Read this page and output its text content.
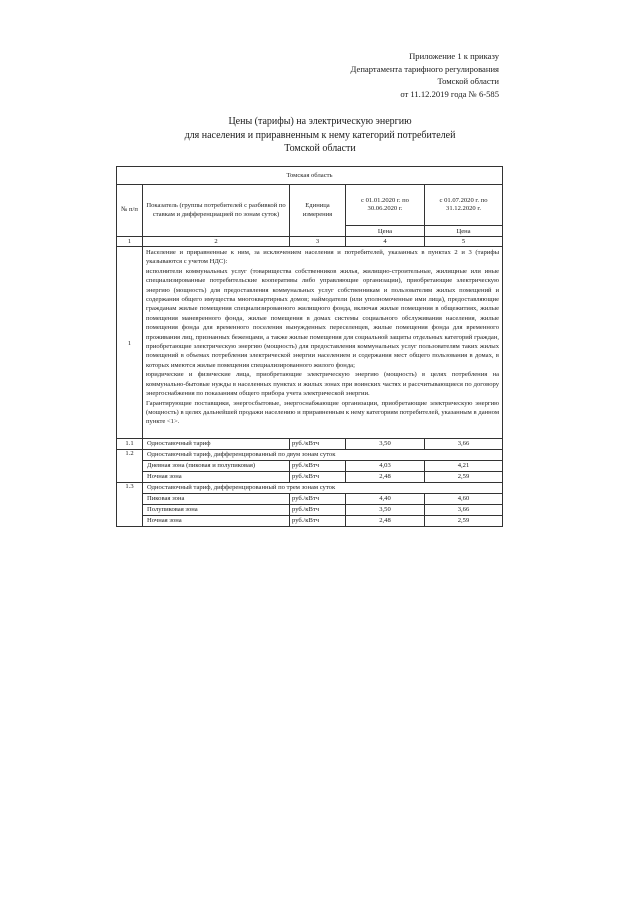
Приложение 1 к приказу
Департамента тарифного регулирования
Томской области
от 11.12.2019 года № 6-585
Цены (тарифы) на электрическую энергию
для населения и приравненным к нему категорий потребителей
Томской области
Томская область				
№ п/п	Показатель (группы потребителей с разбивкой по ставкам и дифференциацией по зонам суток)	Единица измерения	с 01.01.2020 г. по 30.06.2020 г.	с 01.07.2020 г. по 31.12.2020 г.
			Цена	Цена
1	2	3	4	5
1	Население и приравненные к ним, за исключением населения и потребителей, указанных в пунктах 2 и 3 (тарифы указываются с учетом НДС):

исполнители коммунальных услуг (товарищества собственников жилья, жилищно-строительные, жилищные или иные специализированные потребительские кооперативы либо управляющие организации), приобретающие электрическую энергию (мощность) для предоставления коммунальных услуг собственникам и пользователям жилых помещений и содержания общего имущества многоквартирных домов; наймодатели (или уполномоченные ими лица), предоставляющие гражданам жилые помещения специализированного жилищного фонда, включая жилые помещения в общежитиях, жилые помещения маневренного фонда, жилые помещения в домах системы социального обслуживания населения, жилые помещения фонда для временного поселения вынужденных переселенцев, жилые помещения фонда для временного проживания лиц, признанных беженцами, а также жилые помещения для социальной защиты отдельных категорий граждан, приобретающие электрическую энергию (мощность) для предоставления коммунальных услуг пользователям таких жилых помещений в объемах потребления электрической энергии населением и содержания мест общего пользования в домах, в которых имеются жилые помещения специализированного жилого фонда;

юридические и физические лица, приобретающие электрическую энергию (мощность) в целях потребления на коммунально-бытовые нужды в населенных пунктах и жилых зонах при воинских частях и рассчитывающиеся по договору энергоснабжения по показаниям общего прибора учета электрической энергии.

Гарантирующие поставщики, энергосбытовые, энергоснабжающие организации, приобретающие электрическую энергию (мощность) в целях дальнейшей продажи населению и приравненным к нему категориям потребителей, указанным в данном пункте <1>.			

1.1	Одноставочный тариф	руб./кВтч	3,50	3,66
1.2	Одноставочный тариф, дифференцированный по двум зонам суток			
	Дневная зона (пиковая и полупиковая)	руб./кВтч	4,03	4,21
	Ночная зона	руб./кВтч	2,48	2,59
1.3	Одноставочный тариф, дифференцированный по трем зонам суток			
	Пиковая зона	руб./кВтч	4,40	4,60
	Полупиковая зона	руб./кВтч	3,50	3,66
	Ночная зона	руб./кВтч	2,48	2,59
